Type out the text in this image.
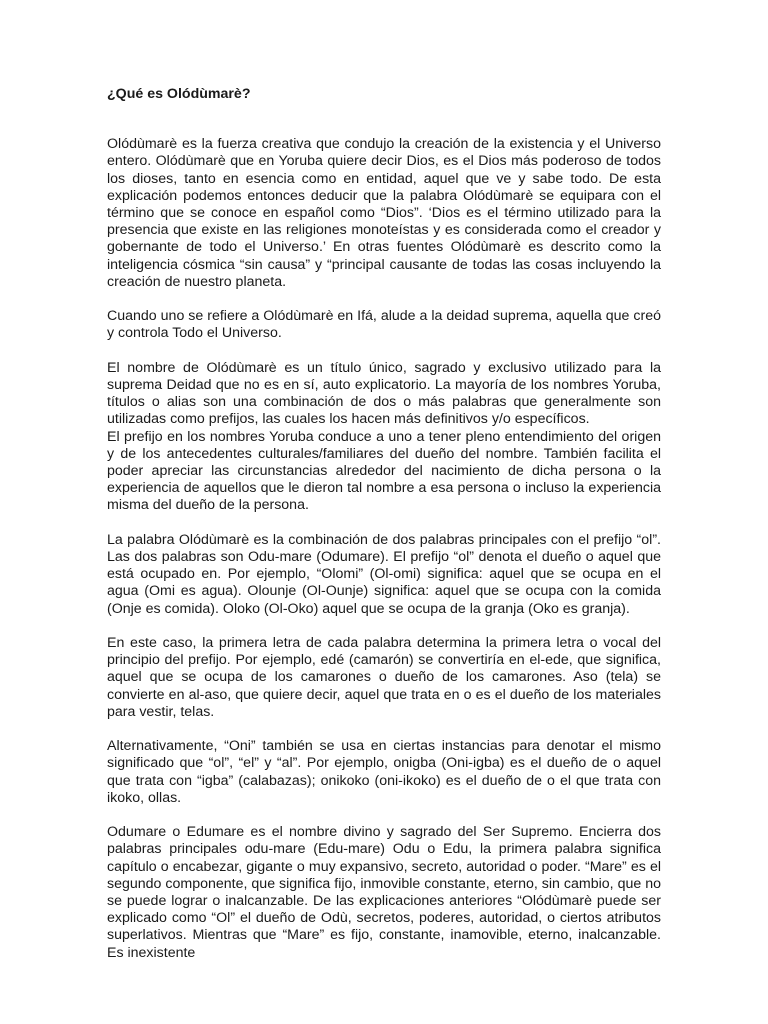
¿Qué es Olódùmarè?

Olódùmarè es la fuerza creativa que condujo la creación de la existencia y el Universo entero. Olódùmarè que en Yoruba quiere decir Dios, es el Dios más poderoso de todos los dioses, tanto en esencia como en entidad, aquel que ve y sabe todo. De esta explicación podemos entonces deducir que la palabra Olódùmarè se equipara con el término que se conoce en español como “Dios”. ‘Dios es el término utilizado para la presencia que existe en las religiones monoteístas y es considerada como el creador y gobernante de todo el Universo.’ En otras fuentes Olódùmarè es descrito como la inteligencia cósmica “sin causa” y “principal causante de todas las cosas incluyendo la creación de nuestro planeta.

Cuando uno se refiere a Olódùmarè en Ifá, alude a la deidad suprema, aquella que creó y controla Todo el Universo.

El nombre de Olódùmarè es un título único, sagrado y exclusivo utilizado para la suprema Deidad que no es en sí, auto explicatorio. La mayoría de los nombres Yoruba, títulos o alias son una combinación de dos o más palabras que generalmente son utilizadas como prefijos, las cuales los hacen más definitivos y/o específicos.

El prefijo en los nombres Yoruba conduce a uno a tener pleno entendimiento del origen y de los antecedentes culturales/familiares del dueño del nombre. También facilita el poder apreciar las circunstancias alrededor del nacimiento de dicha persona o la experiencia de aquellos que le dieron tal nombre a esa persona o incluso la experiencia misma del dueño de la persona.

La palabra Olódùmarè es la combinación de dos palabras principales con el prefijo “ol”. Las dos palabras son Odu-mare (Odumare). El prefijo “ol” denota el dueño o aquel que está ocupado en. Por ejemplo, “Olomi” (Ol-omi) significa: aquel que se ocupa en el agua (Omi es agua). Olounje (Ol-Ounje) significa: aquel que se ocupa con la comida (Onje es comida). Oloko (Ol-Oko) aquel que se ocupa de la granja (Oko es granja).

En este caso, la primera letra de cada palabra determina la primera letra o vocal del principio del prefijo. Por ejemplo, edé (camarón) se convertiría en el-ede, que significa, aquel que se ocupa de los camarones o dueño de los camarones. Aso (tela) se convierte en al-aso, que quiere decir, aquel que trata en o es el dueño de los materiales para vestir, telas.

Alternativamente, “Oni” también se usa en ciertas instancias para denotar el mismo significado que “ol”, “el” y “al”. Por ejemplo, onigba (Oni-igba) es el dueño de o aquel que trata con “igba” (calabazas); onikoko (oni-ikoko) es el dueño de o el que trata con ikoko, ollas.

Odumare o Edumare es el nombre divino y sagrado del Ser Supremo. Encierra dos palabras principales odu-mare (Edu-mare) Odu o Edu, la primera palabra significa capítulo o encabezar, gigante o muy expansivo, secreto, autoridad o poder. “Mare” es el segundo componente, que significa fijo, inmovible constante, eterno, sin cambio, que no se puede lograr o inalcanzable. De las explicaciones anteriores “Olódùmarè puede ser explicado como “Ol” el dueño de Odù, secretos, poderes, autoridad, o ciertos atributos superlativos. Mientras que “Mare” es fijo, constante, inamovible, eterno, inalcanzable. Es inexistente
